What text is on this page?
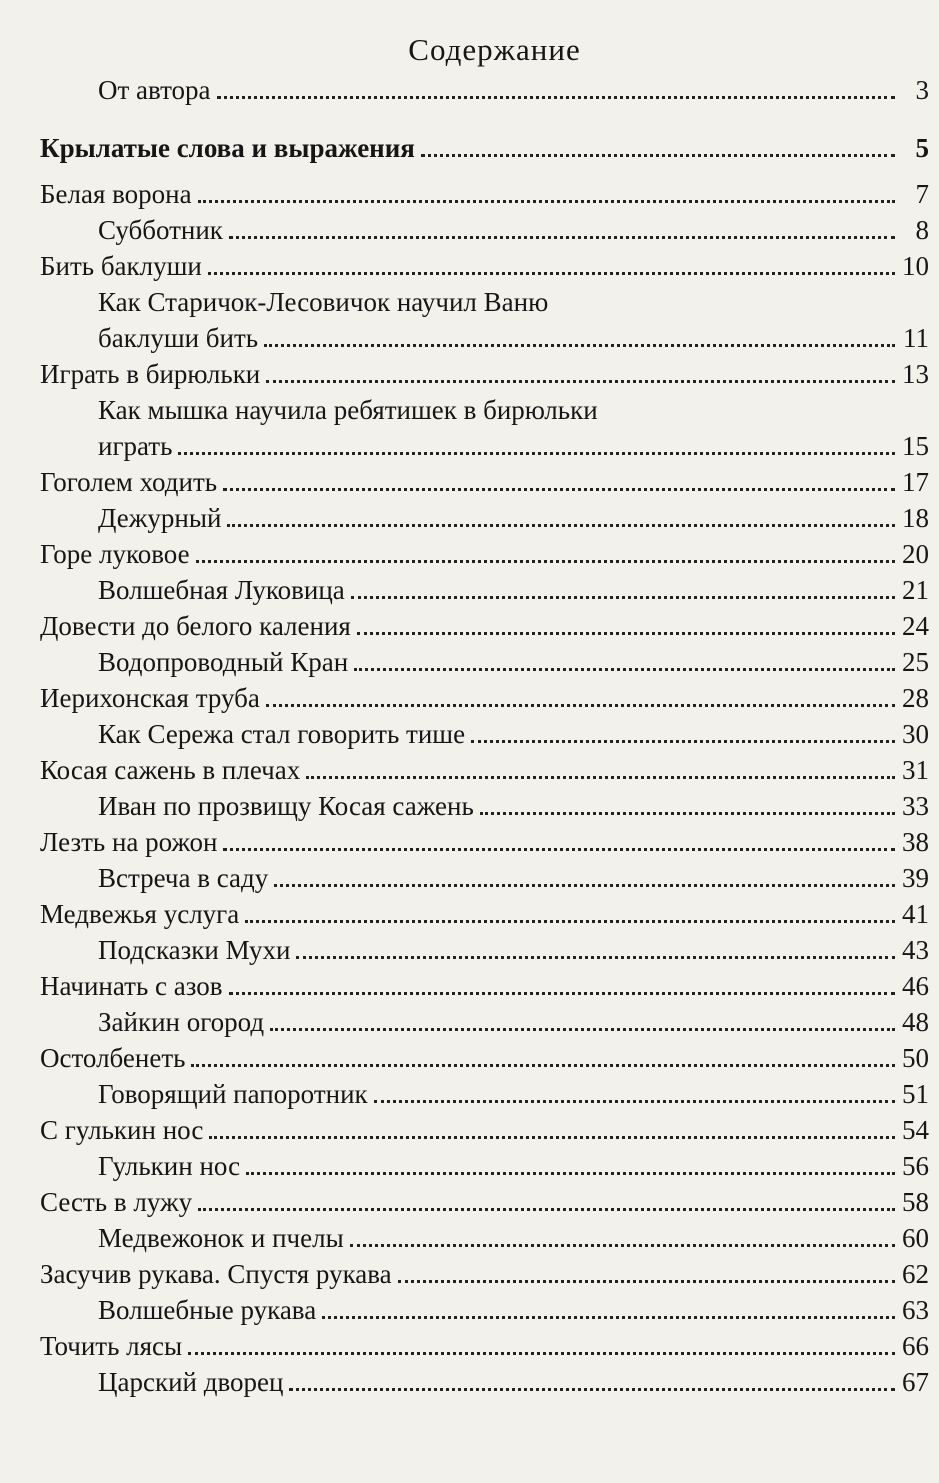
Содержание
От автора	3
Крылатые слова и выражения	5
Белая ворона	7
Субботник	8
Бить баклуши	10
Как Старичок-Лесовичок научил Ваню
баклуши бить	11
Играть в бирюльки	13
Как мышка научила ребятишек в бирюльки
играть	15
Гоголем ходить	17
Дежурный	18
Горе луковое	20
Волшебная Луковица	21
Довести до белого каления	24
Водопроводный Кран	25
Иерихонская труба	28
Как Сережа стал говорить тише	30
Косая сажень в плечах	31
Иван по прозвищу Косая сажень	33
Лезть на рожон	38
Встреча в саду	39
Медвежья услуга	41
Подсказки Мухи	43
Начинать с азов	46
Зайкин огород	48
Остолбенеть	50
Говорящий папоротник	51
С гулькин нос	54
Гулькин нос	56
Сесть в лужу	58
Медвежонок и пчелы	60
Засучив рукава. Спустя рукава	62
Волшебные рукава	63
Точить лясы	66
Царский дворец	67
